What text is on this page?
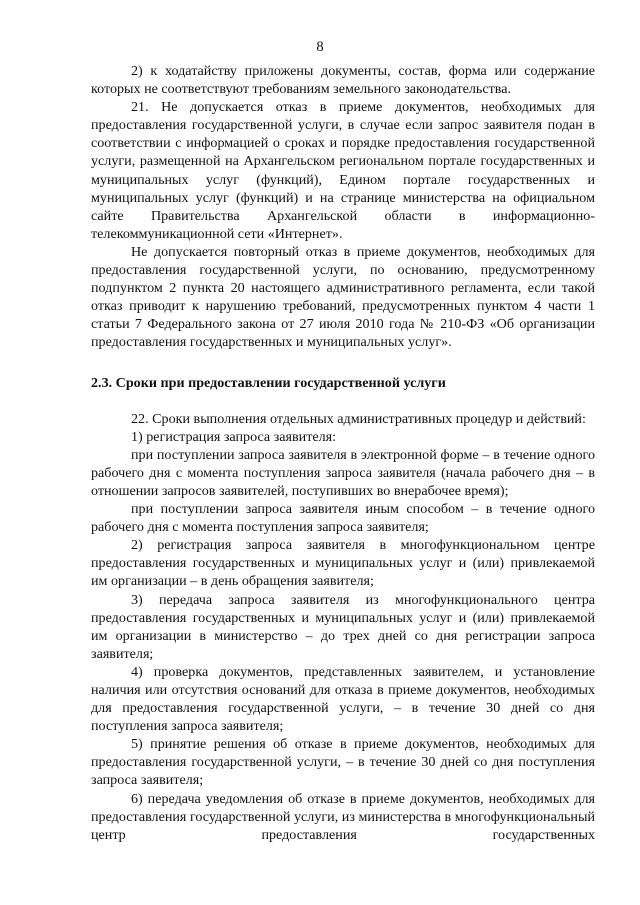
8

2) к ходатайству приложены документы, состав, форма или содержание которых не соответствуют требованиям земельного законодательства.

21. Не допускается отказ в приеме документов, необходимых для предоставления государственной услуги, в случае если запрос заявителя подан в соответствии с информацией о сроках и порядке предоставления государственной услуги, размещенной на Архангельском региональном портале государственных и муниципальных услуг (функций), Едином портале государственных и муниципальных услуг (функций) и на странице министерства на официальном сайте Правительства Архангельской области в информационно-телекоммуникационной сети «Интернет».

Не допускается повторный отказ в приеме документов, необходимых для предоставления государственной услуги, по основанию, предусмотренному подпунктом 2 пункта 20 настоящего административного регламента, если такой отказ приводит к нарушению требований, предусмотренных пунктом 4 части 1 статьи 7 Федерального закона от 27 июля 2010 года № 210-ФЗ «Об организации предоставления государственных и муниципальных услуг».

2.3. Сроки при предоставлении государственной услуги

22. Сроки выполнения отдельных административных процедур и действий:

1) регистрация запроса заявителя:

при поступлении запроса заявителя в электронной форме – в течение одного рабочего дня с момента поступления запроса заявителя (начала рабочего дня – в отношении запросов заявителей, поступивших во внерабочее время);

при поступлении запроса заявителя иным способом – в течение одного рабочего дня с момента поступления запроса заявителя;

2) регистрация запроса заявителя в многофункциональном центре предоставления государственных и муниципальных услуг и (или) привлекаемой им организации – в день обращения заявителя;

3) передача запроса заявителя из многофункционального центра предоставления государственных и муниципальных услуг и (или) привлекаемой им организации в министерство – до трех дней со дня регистрации запроса заявителя;

4) проверка документов, представленных заявителем, и установление наличия или отсутствия оснований для отказа в приеме документов, необходимых для предоставления государственной услуги, – в течение 30 дней со дня поступления запроса заявителя;

5) принятие решения об отказе в приеме документов, необходимых для предоставления государственной услуги, – в течение 30 дней со дня поступления запроса заявителя;

6) передача уведомления об отказе в приеме документов, необходимых для предоставления государственной услуги, из министерства в многофункциональный центр предоставления государственных
